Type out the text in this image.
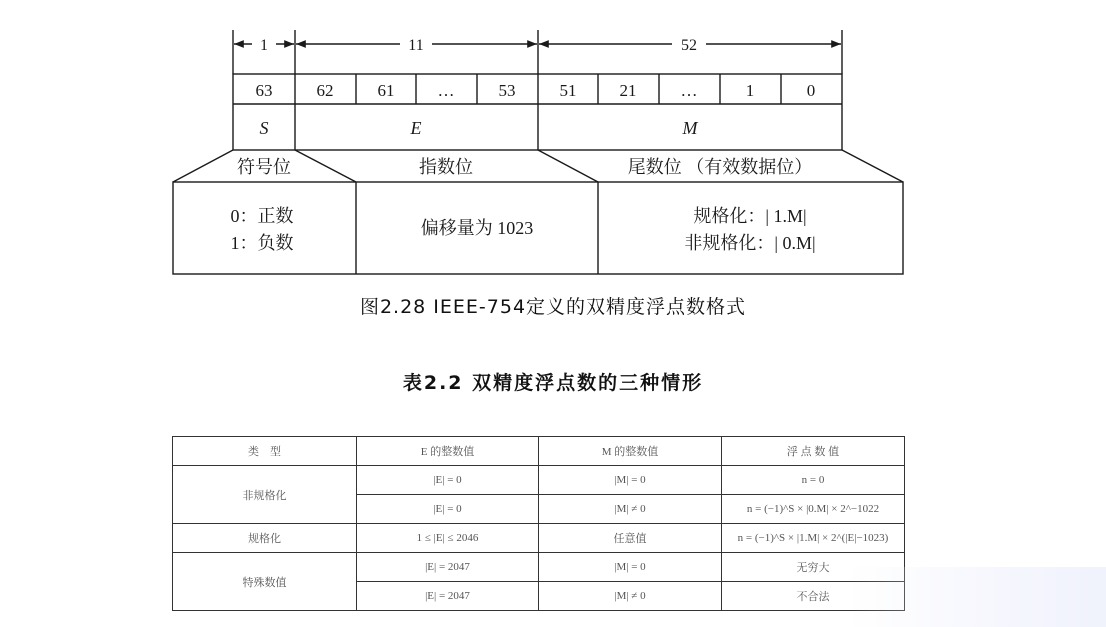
1	11	52
63	62	61	…	53	51	21	…	1	0
S	E	M
符号位	指数位	尾数位 （有效数据位）
0：正数
1：负数
偏移量为 1023
规格化：| 1.M|
非规格化：| 0.M|
图2.28 IEEE-754定义的双精度浮点数格式
表2.2 双精度浮点数的三种情形
类　型	E 的整数值	M 的整数值	浮 点 数 值
非规格化	|E| = 0	|M| = 0	n = 0
	|E| = 0	|M| ≠ 0	n = (−1)^S × |0.M| × 2^−1022
规格化	1 ≤ |E| ≤ 2046	任意值	n = (−1)^S × |1.M| × 2^(|E|−1023)
特殊数值	|E| = 2047	|M| = 0	无穷大
	|E| = 2047	|M| ≠ 0	不合法
